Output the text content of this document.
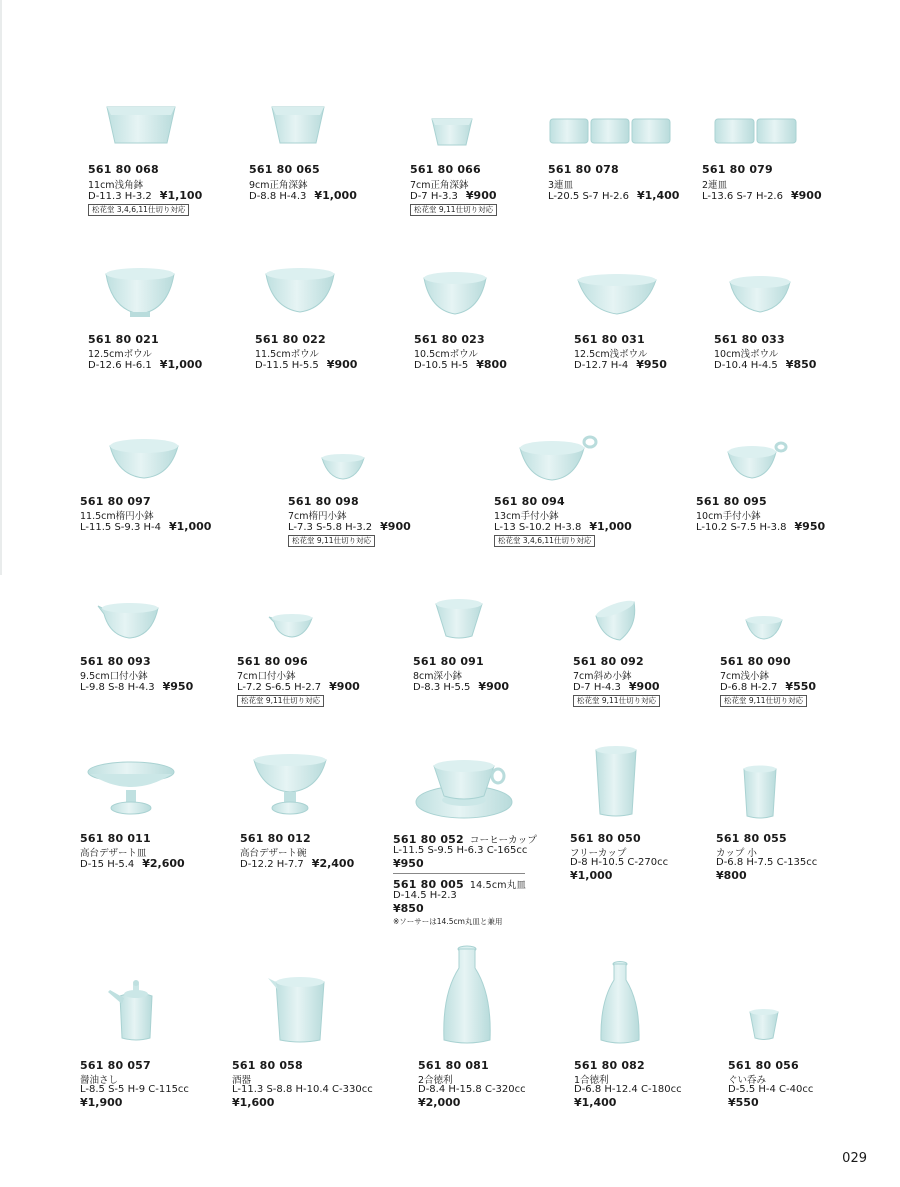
561 80 068
11cm浅角鉢
D-11.3 H-3.2 ¥1,100
松花堂 3,4,6,11仕切り対応
561 80 065
9cm正角深鉢
D-8.8 H-4.3 ¥1,000
561 80 066
7cm正角深鉢
D-7 H-3.3 ¥900
松花堂 9,11仕切り対応
561 80 078
3連皿
L-20.5 S-7 H-2.6 ¥1,400
561 80 079
2連皿
L-13.6 S-7 H-2.6 ¥900
561 80 021
12.5cmボウル
D-12.6 H-6.1 ¥1,000
561 80 022
11.5cmボウル
D-11.5 H-5.5 ¥900
561 80 023
10.5cmボウル
D-10.5 H-5 ¥800
561 80 031
12.5cm浅ボウル
D-12.7 H-4 ¥950
561 80 033
10cm浅ボウル
D-10.4 H-4.5 ¥850
561 80 097
11.5cm楕円小鉢
L-11.5 S-9.3 H-4 ¥1,000
561 80 098
7cm楕円小鉢
L-7.3 S-5.8 H-3.2 ¥900
松花堂 9,11仕切り対応
561 80 094
13cm手付小鉢
L-13 S-10.2 H-3.8 ¥1,000
松花堂 3,4,6,11仕切り対応
561 80 095
10cm手付小鉢
L-10.2 S-7.5 H-3.8 ¥950
561 80 093
9.5cm口付小鉢
L-9.8 S-8 H-4.3 ¥950
561 80 096
7cm口付小鉢
L-7.2 S-6.5 H-2.7 ¥900
松花堂 9,11仕切り対応
561 80 091
8cm深小鉢
D-8.3 H-5.5 ¥900
561 80 092
7cm斜め小鉢
D-7 H-4.3 ¥900
松花堂 9,11仕切り対応
561 80 090
7cm浅小鉢
D-6.8 H-2.7 ¥550
松花堂 9,11仕切り対応
561 80 011
高台デザート皿
D-15 H-5.4 ¥2,600
561 80 012
高台デザート碗
D-12.2 H-7.7 ¥2,400
561 80 052 コーヒーカップ
L-11.5 S-9.5 H-6.3 C-165cc
¥950
561 80 005 14.5cm丸皿
D-14.5 H-2.3
¥850
※ソーサーは14.5cm丸皿と兼用
561 80 050
フリーカップ
D-8 H-10.5 C-270cc
¥1,000
561 80 055
カップ 小
D-6.8 H-7.5 C-135cc
¥800
561 80 057
醤油さし
L-8.5 S-5 H-9 C-115cc
¥1,900
561 80 058
酒器
L-11.3 S-8.8 H-10.4 C-330cc
¥1,600
561 80 081
2合徳利
D-8.4 H-15.8 C-320cc
¥2,000
561 80 082
1合徳利
D-6.8 H-12.4 C-180cc
¥1,400
561 80 056
ぐい呑み
D-5.5 H-4 C-40cc
¥550
029
